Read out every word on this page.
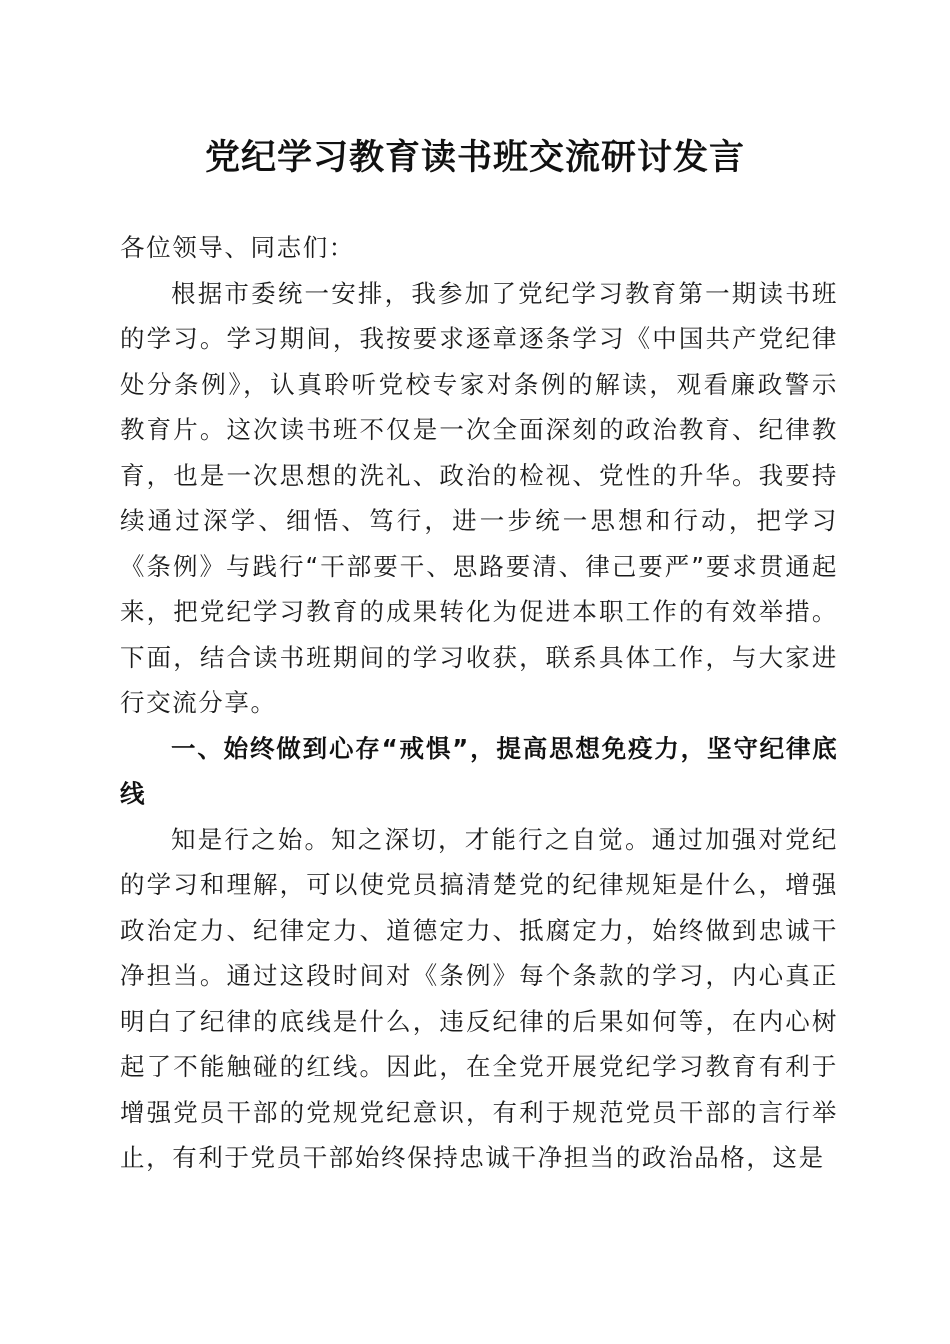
党纪学习教育读书班交流研讨发言

各位领导、同志们：

根据市委统一安排，我参加了党纪学习教育第一期读书班的学习。学习期间，我按要求逐章逐条学习《中国共产党纪律处分条例》，认真聆听党校专家对条例的解读，观看廉政警示教育片。这次读书班不仅是一次全面深刻的政治教育、纪律教育，也是一次思想的洗礼、政治的检视、党性的升华。我要持续通过深学、细悟、笃行，进一步统一思想和行动，把学习《条例》与践行“干部要干、思路要清、律己要严”要求贯通起来，把党纪学习教育的成果转化为促进本职工作的有效举措。下面，结合读书班期间的学习收获，联系具体工作，与大家进行交流分享。

一、始终做到心存“戒惧”，提高思想免疫力，坚守纪律底线

知是行之始。知之深切，才能行之自觉。通过加强对党纪的学习和理解，可以使党员搞清楚党的纪律规矩是什么，增强政治定力、纪律定力、道德定力、抵腐定力，始终做到忠诚干净担当。通过这段时间对《条例》每个条款的学习，内心真正明白了纪律的底线是什么，违反纪律的后果如何等，在内心树起了不能触碰的红线。因此，在全党开展党纪学习教育有利于增强党员干部的党规党纪意识，有利于规范党员干部的言行举止，有利于党员干部始终保持忠诚干净担当的政治品格，这是
